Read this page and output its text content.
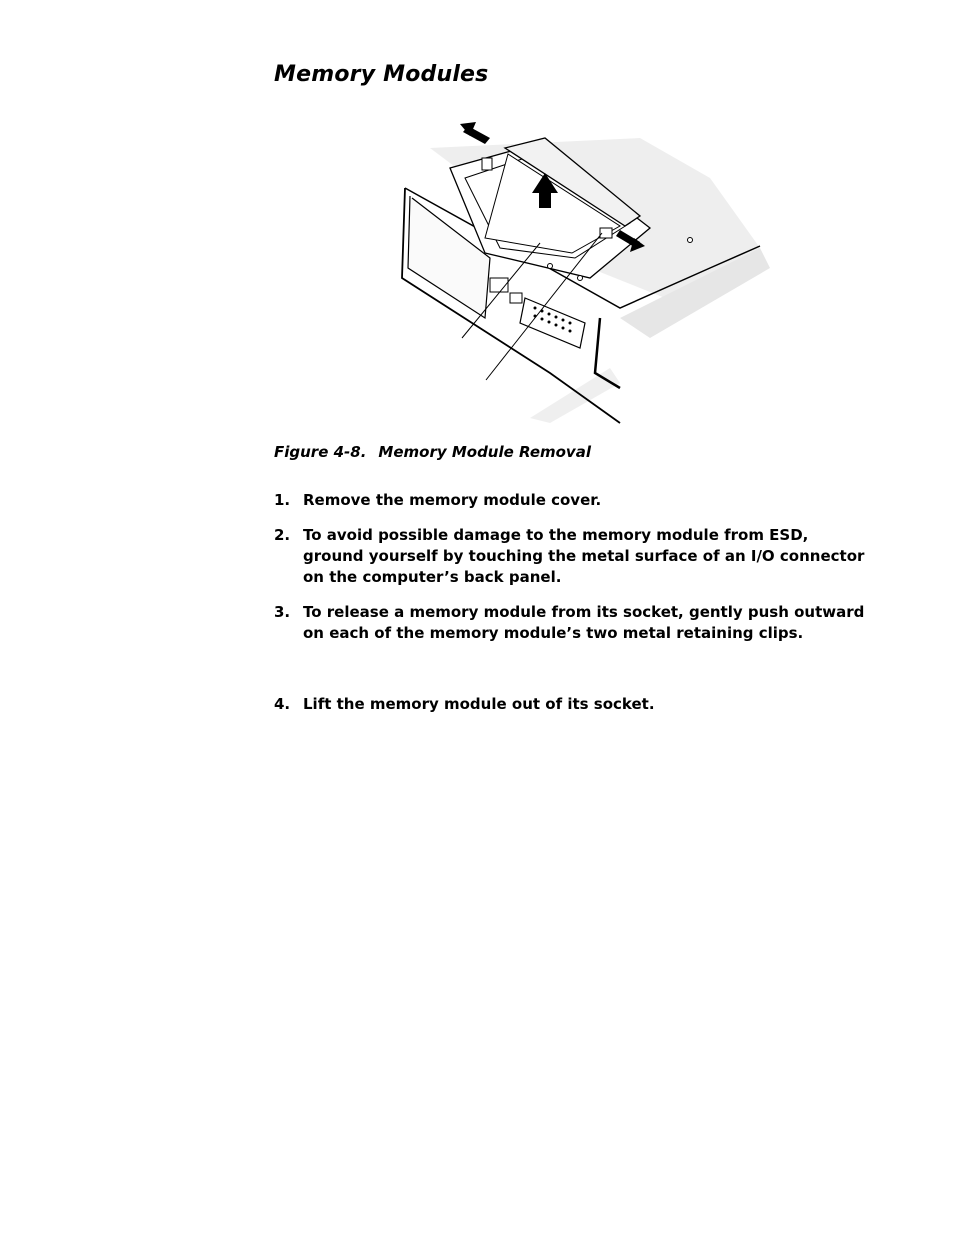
Memory Modules

Figure 4-8. Memory Module Removal

1. Remove the memory module cover.
2. To avoid possible damage to the memory module from ESD, ground yourself by touching the metal surface of an I/O connector on the computer’s back panel.
3. To release a memory module from its socket, gently push outward on each of the memory module’s two metal retaining clips.
4. Lift the memory module out of its socket.
